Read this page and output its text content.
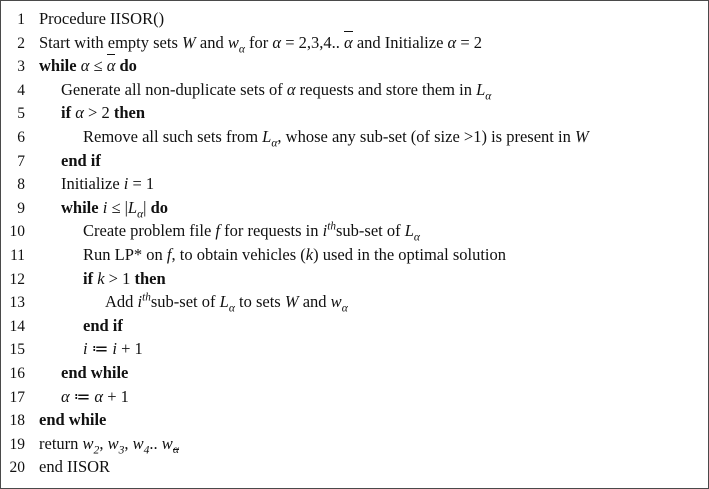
1 Procedure IISOR()
2 Start with empty sets W and $w_\alpha$ for α = 2,3,4.. α and Initialize α = 2
3 while α ≤ α do
4	Generate all non-duplicate sets of α requests and store them in $L_\alpha$
5	if α > 2 then
6	Remove all such sets from $L_\alpha$, whose any sub-set (of size >1) is present in W
7	end if
8	Initialize i = 1
9	while $i \le |L_\alpha|$ do
10	Create problem file f for requests in $i^{th}sub$-set of $L_\alpha$
11	Run LP* on f, to obtain vehicles (k) used in the optimal solution
12	if k > 1 then
13	Add $i^{th}sub$-set of $L_\alpha$ to sets W and $w_\alpha$
14	end if
15	i ≔ i + 1
16	end while
17	α ≔ α + 1
18 end while
19 return $w_2$, $w_3$, $w_4$.. $w_\alpha$
20 end IISOR
